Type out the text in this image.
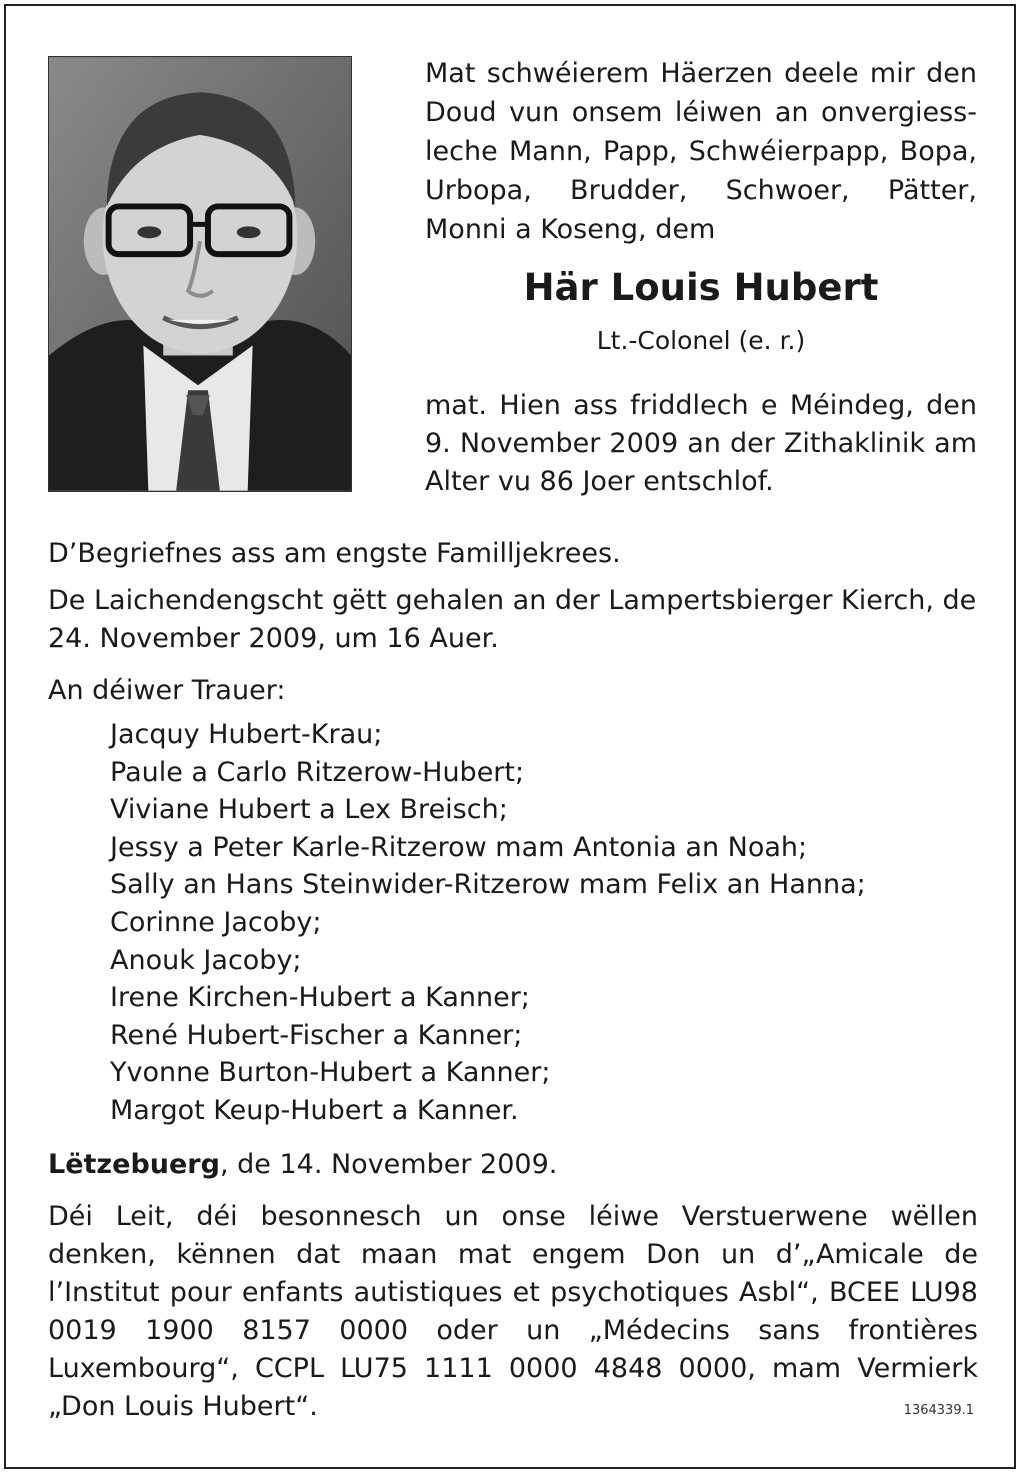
Mat schwéierem Häerzen deele mir den Doud vun onsem léiwen an onvergiess-leche Mann, Papp, Schwéierpapp, Bopa, Urbopa, Brudder, Schwoer, Pätter, Monni a Koseng, dem
Här Louis Hubert
Lt.-Colonel (e. r.)
mat. Hien ass friddlech e Méindeg, den 9. November 2009 an der Zithaklinik am Alter vu 86 Joer entschlof.
D’Begriefnes ass am engste Familljekrees.
De Laichendengscht gëtt gehalen an der Lampertsbierger Kierch, de 24. November 2009, um 16 Auer.
An déiwer Trauer:
Jacquy Hubert-Krau;
Paule a Carlo Ritzerow-Hubert;
Viviane Hubert a Lex Breisch;
Jessy a Peter Karle-Ritzerow mam Antonia an Noah;
Sally an Hans Steinwider-Ritzerow mam Felix an Hanna;
Corinne Jacoby;
Anouk Jacoby;
Irene Kirchen-Hubert a Kanner;
René Hubert-Fischer a Kanner;
Yvonne Burton-Hubert a Kanner;
Margot Keup-Hubert a Kanner.
Lëtzebuerg, de 14. November 2009.
Déi Leit, déi besonnesch un onse léiwe Verstuerwene wëllen denken, kënnen dat maan mat engem Don un d’„Amicale de l’Institut pour enfants autistiques et psychotiques Asbl“, BCEE LU98 0019 1900 8157 0000 oder un „Médecins sans frontières Luxembourg“, CCPL LU75 1111 0000 4848 0000, mam Vermierk „Don Louis Hubert“.	1364339.1
